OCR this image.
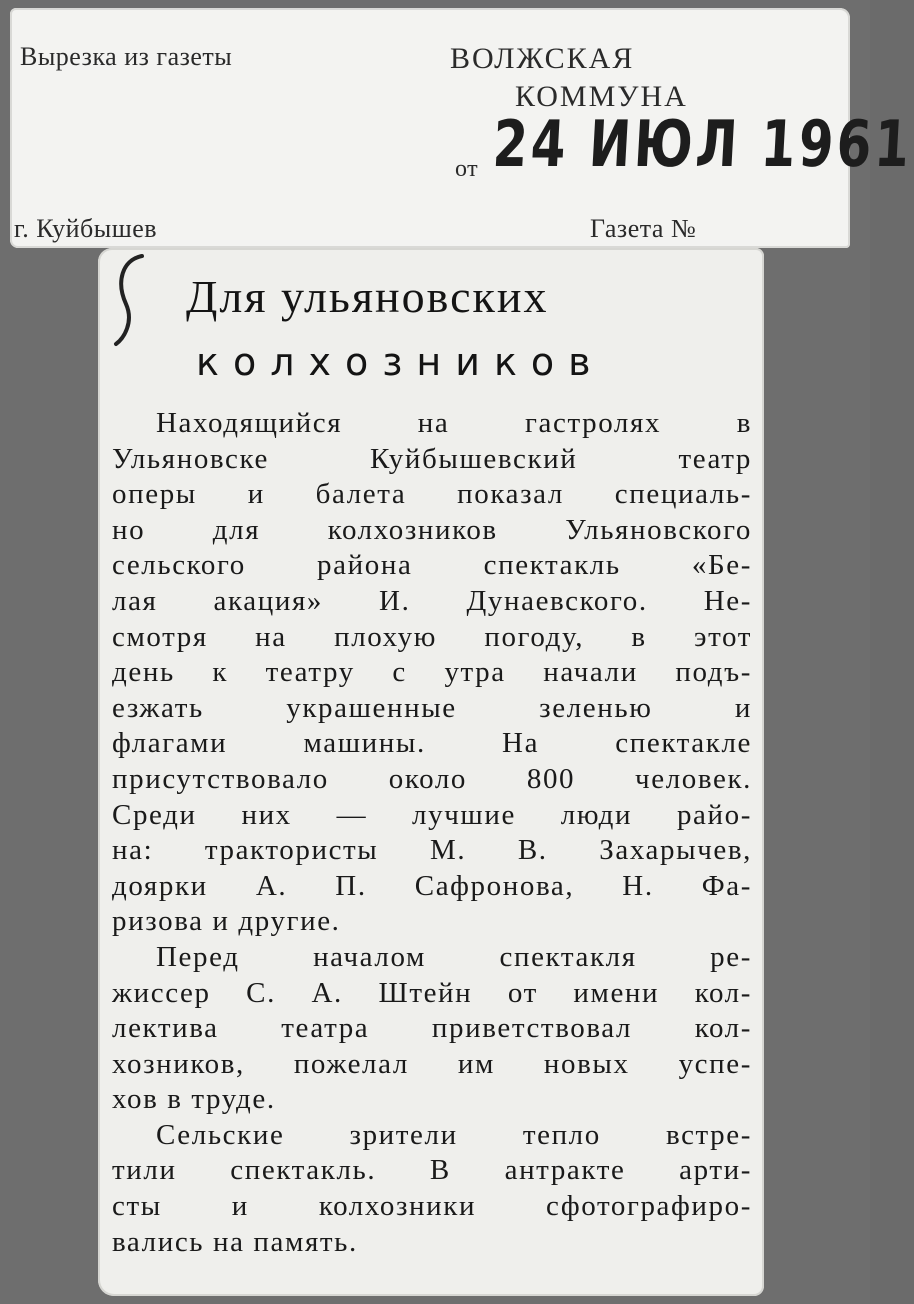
Вырезка из газеты	ВОЛЖСКАЯ
КОММУНА
от
г. Куйбышев	Газета №
24 ИЮЛ 1961
Для ульяновских
колхозников
Находящийся на гастролях в
Ульяновске Куйбышевский театр
оперы и балета показал специаль-
но для колхозников Ульяновского
сельского района спектакль «Бе-
лая акация» И. Дунаевского. Не-
смотря на плохую погоду, в этот
день к театру с утра начали подъ-
езжать украшенные зеленью и
флагами машины. На спектакле
присутствовало около 800 человек.
Среди них — лучшие люди райо-
на: трактористы М. В. Захарычев,
доярки А. П. Сафронова, Н. Фа-
ризова и другие.
Перед началом спектакля ре-
жиссер С. А. Штейн от имени кол-
лектива театра приветствовал кол-
хозников, пожелал им новых успе-
хов в труде.
Сельские зрители тепло встре-
тили спектакль. В антракте арти-
сты и колхозники сфотографиро-
вались на память.
